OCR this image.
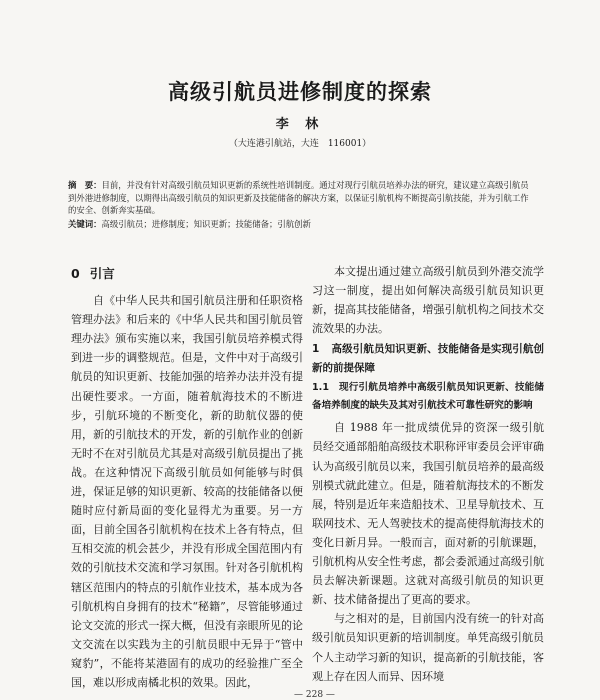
高级引航员进修制度的探索
李 林
（大连港引航站，大连　116001）
摘　要：目前，并没有针对高级引航员知识更新的系统性培训制度。通过对现行引航员培养办法的研究，建议建立高级引航员到外港进修制度，以期得出高级引航员的知识更新及技能储备的解决方案，以保证引航机构不断提高引航技能，并为引航工作的安全、创新奔实基础。
关键词：高级引航员；进修制度；知识更新；技能储备；引航创新
0 引言

自《中华人民共和国引航员注册和任职资格管理办法》和后来的《中华人民共和国引航员管理办法》颁布实施以来，我国引航员培养模式得到进一步的调整规范。但是，文件中对于高级引航员的知识更新、技能加强的培养办法并没有提出硬性要求。一方面，随着航海技术的不断进步，引航环境的不断变化，新的助航仪器的使用，新的引航技术的开发，新的引航作业的创新无时不在对引航员尤其是对高级引航员提出了挑战。在这种情况下高级引航员如何能够与时俱进，保证足够的知识更新、较高的技能储备以便随时应付新局面的变化显得尤为重要。另一方面，目前全国各引航机构在技术上各有特点，但互相交流的机会甚少，并没有形成全国范围内有效的引航技术交流和学习氛围。针对各引航机构辖区范围内的特点的引航作业技术，基本成为各引航机构自身拥有的技术“秘籍”，尽管能够通过论文交流的形式一探大概，但没有亲眼所见的论文交流在以实践为主的引航员眼中无异于“管中窥豹”，不能将某港固有的成功的经验推广至全国，难以形成南橘北枳的效果。因此，

本文提出通过建立高级引航员到外港交流学习这一制度，提出如何解决高级引航员知识更新，提高其技能储备，增强引航机构之间技术交流效果的办法。

1 高级引航员知识更新、技能储备是实现引航创新的前提保障

1.1　现行引航员培养中高级引航员知识更新、技能储备培养制度的缺失及其对引航技术可靠性研究的影响

自 1988 年一批成绩优异的资深一级引航员经交通部船舶高级技术职称评审委员会评审确认为高级引航员以来，我国引航员培养的最高级别模式就此建立。但是，随着航海技术的不断发展，特别是近年来造船技术、卫星导航技术、互联网技术、无人驾驶技术的提高使得航海技术的变化日新月异。一般而言，面对新的引航课题，引航机构从安全性考虑，都会委派通过高级引航员去解决新课题。这就对高级引航员的知识更新、技术储备提出了更高的要求。

与之相对的是，目前国内没有统一的针对高级引航员知识更新的培训制度。单凭高级引航员个人主动学习新的知识，提高新的引航技能，客观上存在因人而异、因环境

— 228 —
